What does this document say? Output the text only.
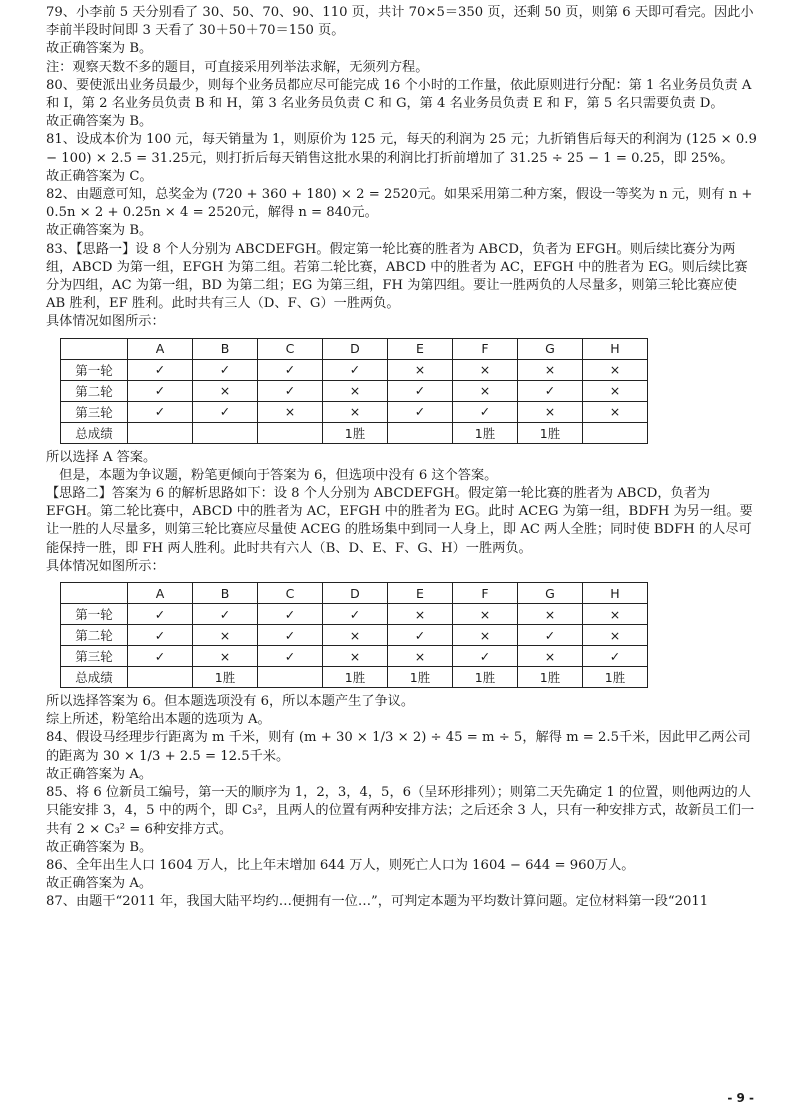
79、小李前 5 天分别看了 30、50、70、90、110 页，共计 70×5＝350 页，还剩 50 页，则第 6 天即可看完。因此小李前半段时间即 3 天看了 30＋50＋70＝150 页。

故正确答案为 B。

注：观察天数不多的题目，可直接采用列举法求解，无须列方程。

80、要使派出业务员最少，则每个业务员都应尽可能完成 16 个小时的工作量，依此原则进行分配：第 1 名业务员负责 A 和 I，第 2 名业务员负责 B 和 H，第 3 名业务员负责 C 和 G，第 4 名业务员负责 E 和 F，第 5 名只需要负责 D。

故正确答案为 B。

81、设成本价为 100 元，每天销量为 1，则原价为 125 元，每天的利润为 25 元；九折销售后每天的利润为 (125 × 0.9 − 100) × 2.5 = 31.25元，则打折后每天销售这批水果的利润比打折前增加了 31.25 ÷ 25 − 1 = 0.25，即 25%。

故正确答案为 C。

82、由题意可知，总奖金为 (720 + 360 + 180) × 2 = 2520元。如果采用第二种方案，假设一等奖为 n 元，则有 n + 0.5n × 2 + 0.25n × 4 = 2520元，解得 n = 840元。

故正确答案为 B。

83、【思路一】设 8 个人分别为 ABCDEFGH。假定第一轮比赛的胜者为 ABCD，负者为 EFGH。则后续比赛分为两组，ABCD 为第一组，EFGH 为第二组。若第二轮比赛，ABCD 中的胜者为 AC，EFGH 中的胜者为 EG。则后续比赛分为四组，AC 为第一组，BD 为第二组；EG 为第三组，FH 为第四组。要让一胜两负的人尽量多，则第三轮比赛应使 AB 胜利，EF 胜利。此时共有三人（D、F、G）一胜两负。

具体情况如图所示：

	A	B	C	D	E	F	G	H
第一轮	✓	✓	✓	✓	×	×	×	×
第二轮	✓	×	✓	×	✓	×	✓	×
第三轮	✓	✓	×	×	✓	✓	×	×
总成绩				1胜		1胜	1胜	

所以选择 A 答案。

　但是，本题为争议题，粉笔更倾向于答案为 6，但选项中没有 6 这个答案。

【思路二】答案为 6 的解析思路如下：设 8 个人分别为 ABCDEFGH。假定第一轮比赛的胜者为 ABCD，负者为 EFGH。第二轮比赛中，ABCD 中的胜者为 AC，EFGH 中的胜者为 EG。此时 ACEG 为第一组，BDFH 为另一组。要让一胜的人尽量多，则第三轮比赛应尽量使 ACEG 的胜场集中到同一人身上，即 AC 两人全胜；同时使 BDFH 的人尽可能保持一胜，即 FH 两人胜利。此时共有六人（B、D、E、F、G、H）一胜两负。

具体情况如图所示：

	A	B	C	D	E	F	G	H
第一轮	✓	✓	✓	✓	×	×	×	×
第二轮	✓	×	✓	×	✓	×	✓	×
第三轮	✓	×	✓	×	×	✓	×	✓
总成绩		1胜		1胜	1胜	1胜	1胜	1胜

所以选择答案为 6。但本题选项没有 6，所以本题产生了争议。

综上所述，粉笔给出本题的选项为 A。

84、假设马经理步行距离为 m 千米，则有 (m + 30 × 1/3 × 2) ÷ 45 = m ÷ 5，解得 m = 2.5千米，因此甲乙两公司的距离为 30 × 1/3 + 2.5 = 12.5千米。

故正确答案为 A。

85、将 6 位新员工编号，第一天的顺序为 1，2，3，4，5，6（呈环形排列）；则第二天先确定 1 的位置，则他两边的人只能安排 3，4，5 中的两个，即 C₃²，且两人的位置有两种安排方法；之后还余 3 人，只有一种安排方式，故新员工们一共有 2 × C₃² = 6种安排方式。

故正确答案为 B。

86、全年出生人口 1604 万人，比上年末增加 644 万人，则死亡人口为 1604 − 644 = 960万人。

故正确答案为 A。

87、由题干“2011 年，我国大陆平均约…便拥有一位…”，可判定本题为平均数计算问题。定位材料第一段“2011

- 9 -
